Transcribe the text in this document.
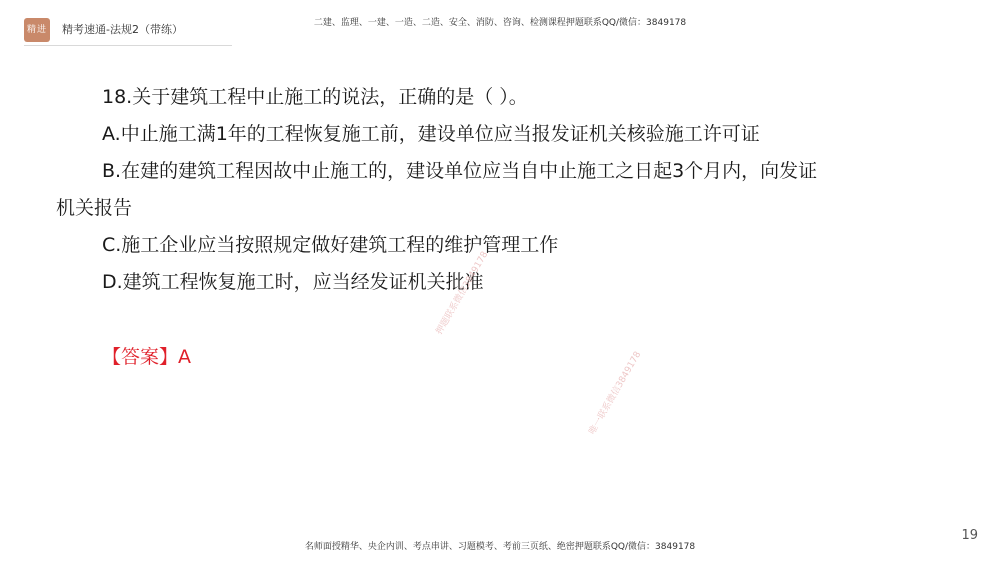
精进 精考速通-法规2（带练）	二建、监理、一建、一造、二造、安全、消防、咨询、检测课程押题联系QQ/微信：3849178
18.关于建筑工程中止施工的说法，正确的是（ ）。
A.中止施工满1年的工程恢复施工前，建设单位应当报发证机关核验施工许可证
B.在建的建筑工程因故中止施工的，建设单位应当自中止施工之日起3个月内，向发证
机关报告
C.施工企业应当按照规定做好建筑工程的维护管理工作
D.建筑工程恢复施工时，应当经发证机关批准
【答案】A
押题联系微信3849178
唯一联系微信3849178
名师面授精华、央企内训、考点串讲、习题模考、考前三页纸、绝密押题联系QQ/微信：3849178
19
